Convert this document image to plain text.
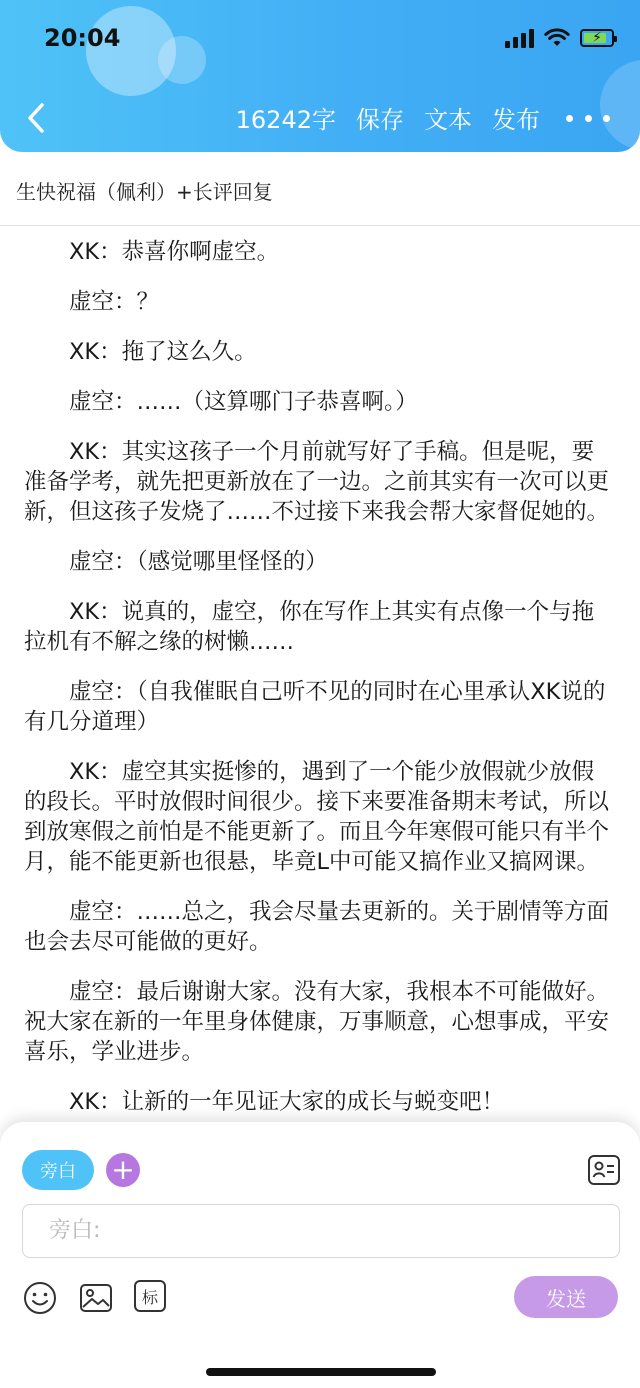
20:04	⚡
16242字 保存 文本 发布
生快祝福（佩利）+长评回复

XK：恭喜你啊虚空。

虚空：？

XK：拖了这么久。

虚空：……（这算哪门子恭喜啊。）

XK：其实这孩子一个月前就写好了手稿。但是呢，要准备学考，就先把更新放在了一边。之前其实有一次可以更新，但这孩子发烧了……不过接下来我会帮大家督促她的。

虚空：（感觉哪里怪怪的）

XK：说真的，虚空，你在写作上其实有点像一个与拖拉机有不解之缘的树懒……

虚空：（自我催眠自己听不见的同时在心里承认XK说的有几分道理）

XK：虚空其实挺惨的，遇到了一个能少放假就少放假的段长。平时放假时间很少。接下来要准备期末考试，所以到放寒假之前怕是不能更新了。而且今年寒假可能只有半个月，能不能更新也很悬，毕竟L中可能又搞作业又搞网课。

虚空：……总之，我会尽量去更新的。关于剧情等方面也会去尽可能做的更好。

虚空：最后谢谢大家。没有大家，我根本不可能做好。祝大家在新的一年里身体健康，万事顺意，心想事成，平安喜乐，学业进步。

XK：让新的一年见证大家的成长与蜕变吧！

旁白	+
旁白:
标	发送
